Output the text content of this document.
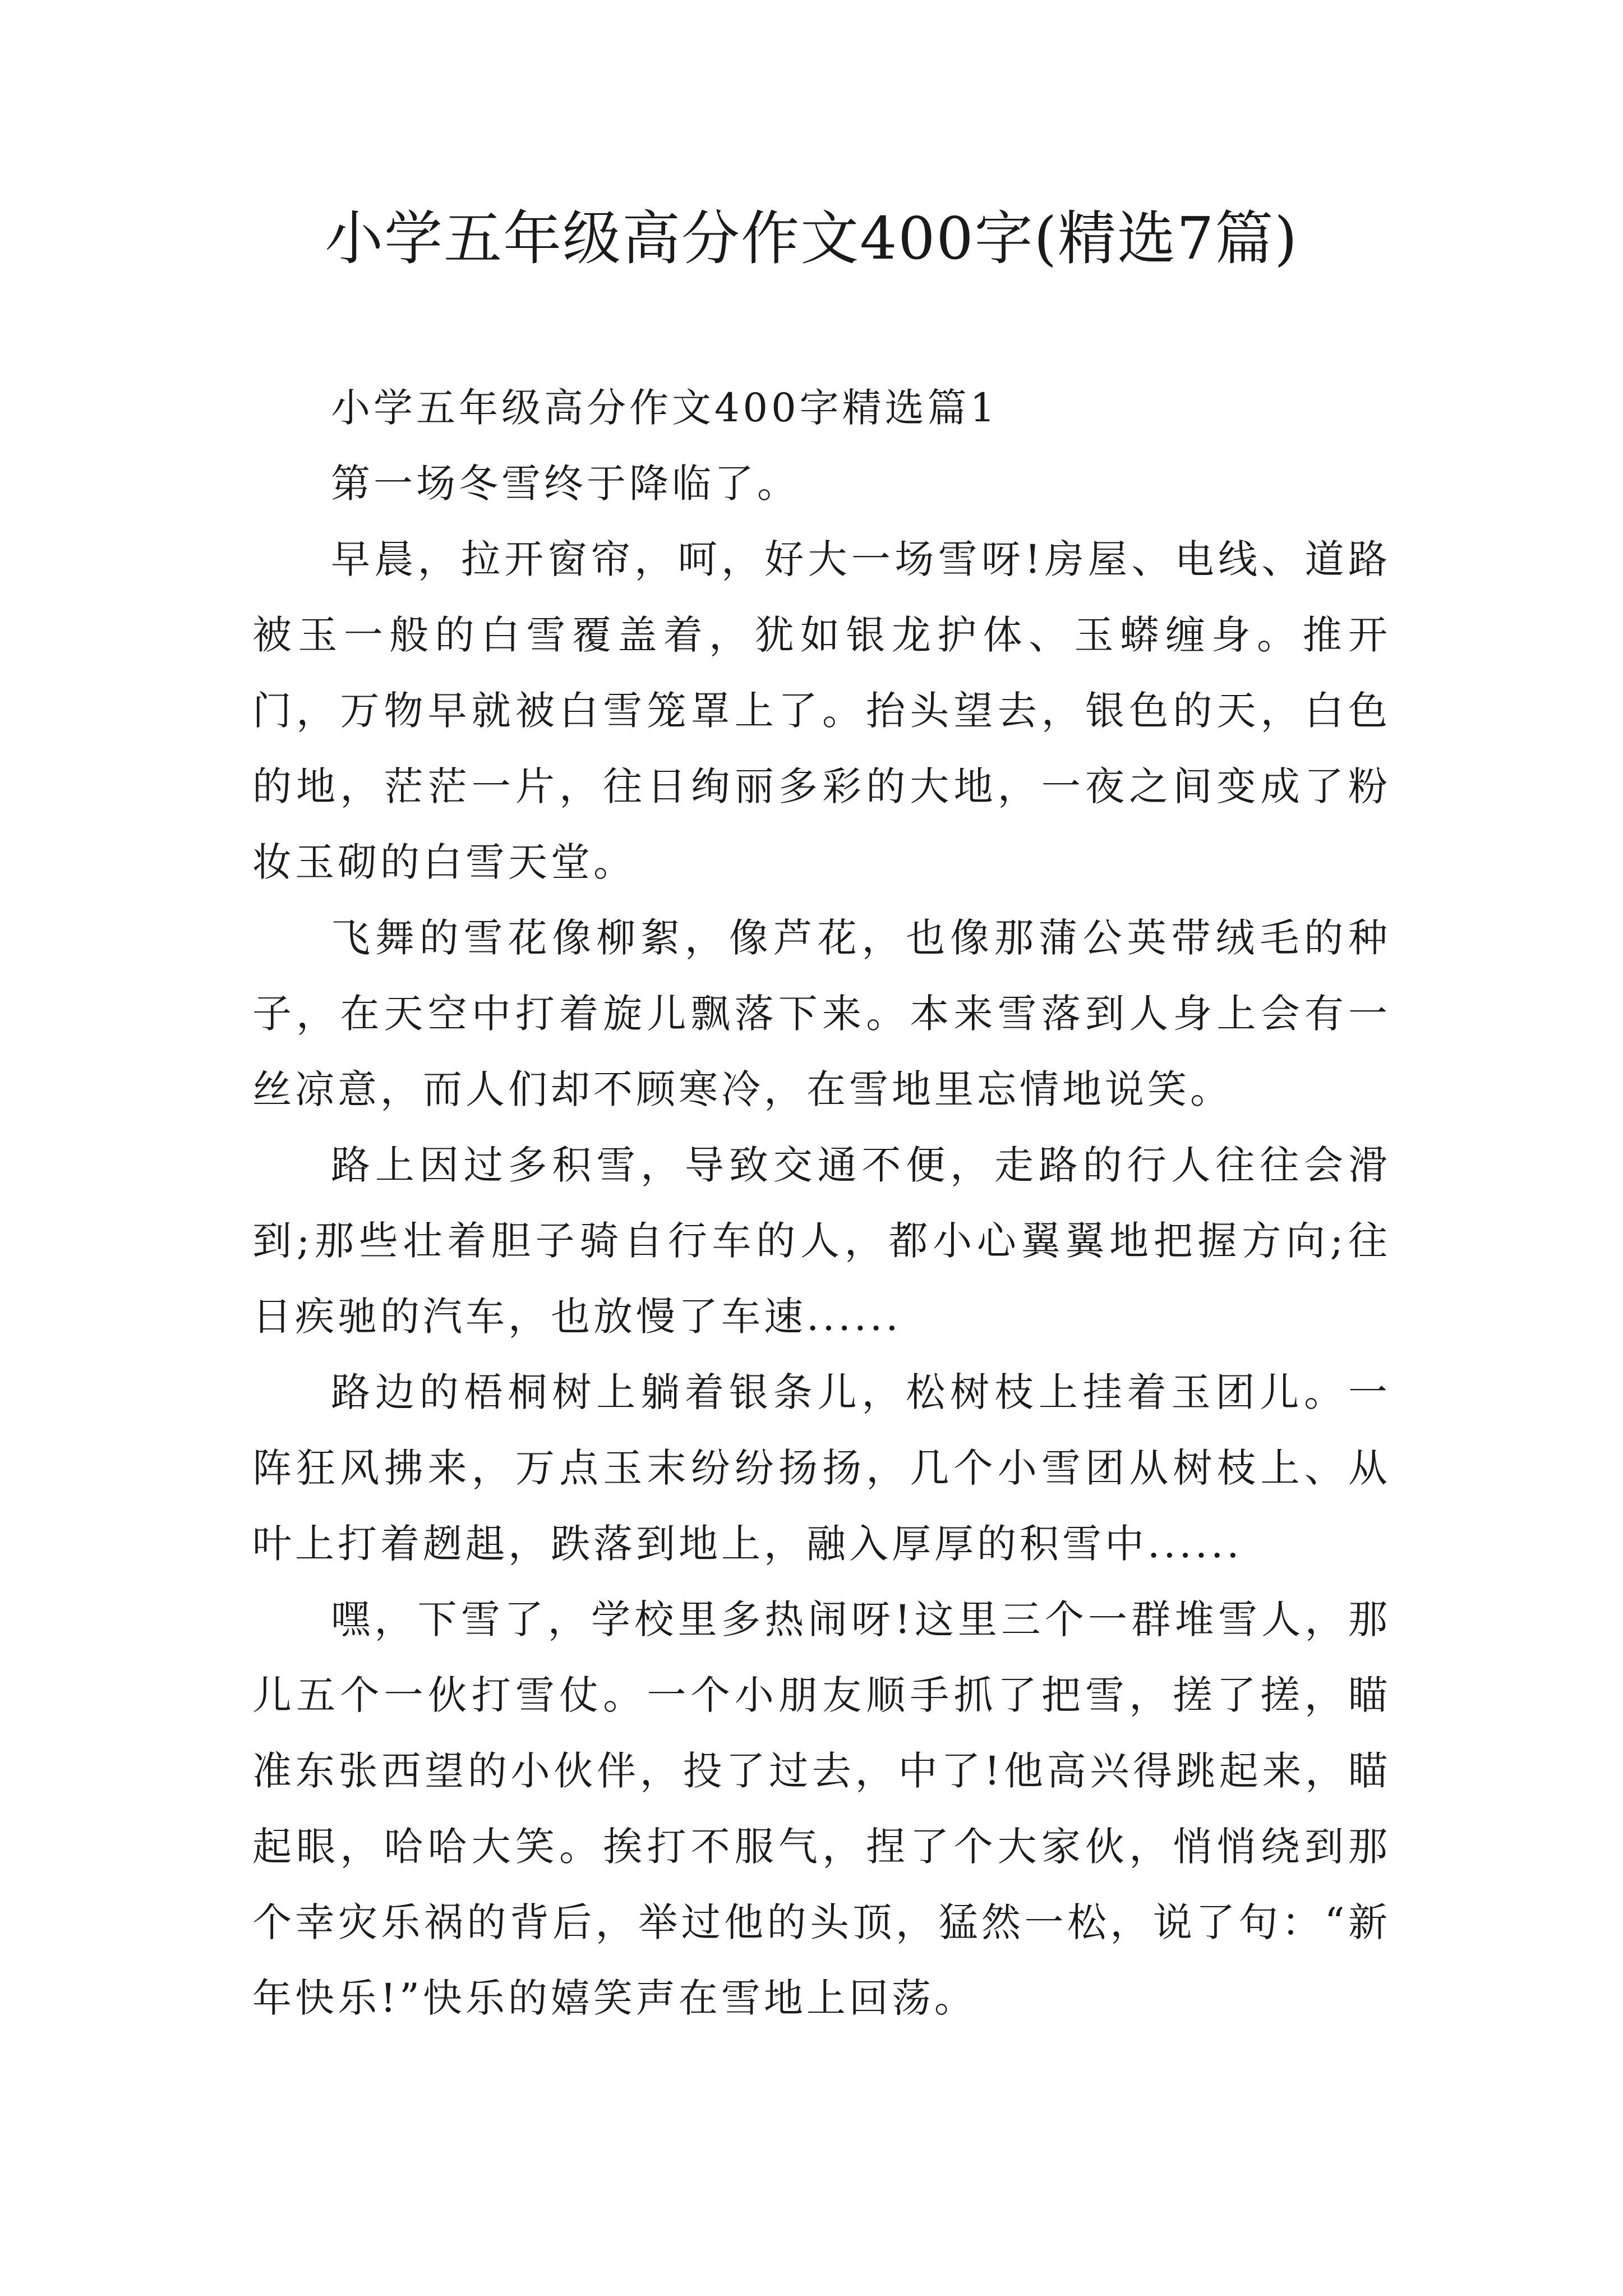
小学五年级高分作文400字(精选7篇)

小学五年级高分作文400字精选篇1

第一场冬雪终于降临了。

早晨，拉开窗帘，呵，好大一场雪呀!房屋、电线、道路被玉一般的白雪覆盖着，犹如银龙护体、玉蟒缠身。推开门，万物早就被白雪笼罩上了。抬头望去，银色的天，白色的地，茫茫一片，往日绚丽多彩的大地，一夜之间变成了粉妆玉砌的白雪天堂。

飞舞的雪花像柳絮，像芦花，也像那蒲公英带绒毛的种子，在天空中打着旋儿飘落下来。本来雪落到人身上会有一丝凉意，而人们却不顾寒冷，在雪地里忘情地说笑。

路上因过多积雪，导致交通不便，走路的行人往往会滑到;那些壮着胆子骑自行车的人，都小心翼翼地把握方向;往日疾驰的汽车，也放慢了车速......

路边的梧桐树上躺着银条儿，松树枝上挂着玉团儿。一阵狂风拂来，万点玉末纷纷扬扬，几个小雪团从树枝上、从叶上打着趔趄，跌落到地上，融入厚厚的积雪中......

嘿，下雪了，学校里多热闹呀!这里三个一群堆雪人，那儿五个一伙打雪仗。一个小朋友顺手抓了把雪，搓了搓，瞄准东张西望的小伙伴，投了过去，中了!他高兴得跳起来，瞄起眼，哈哈大笑。挨打不服气，捏了个大家伙，悄悄绕到那个幸灾乐祸的背后，举过他的头顶，猛然一松，说了句：“新年快乐!”快乐的嬉笑声在雪地上回荡。
